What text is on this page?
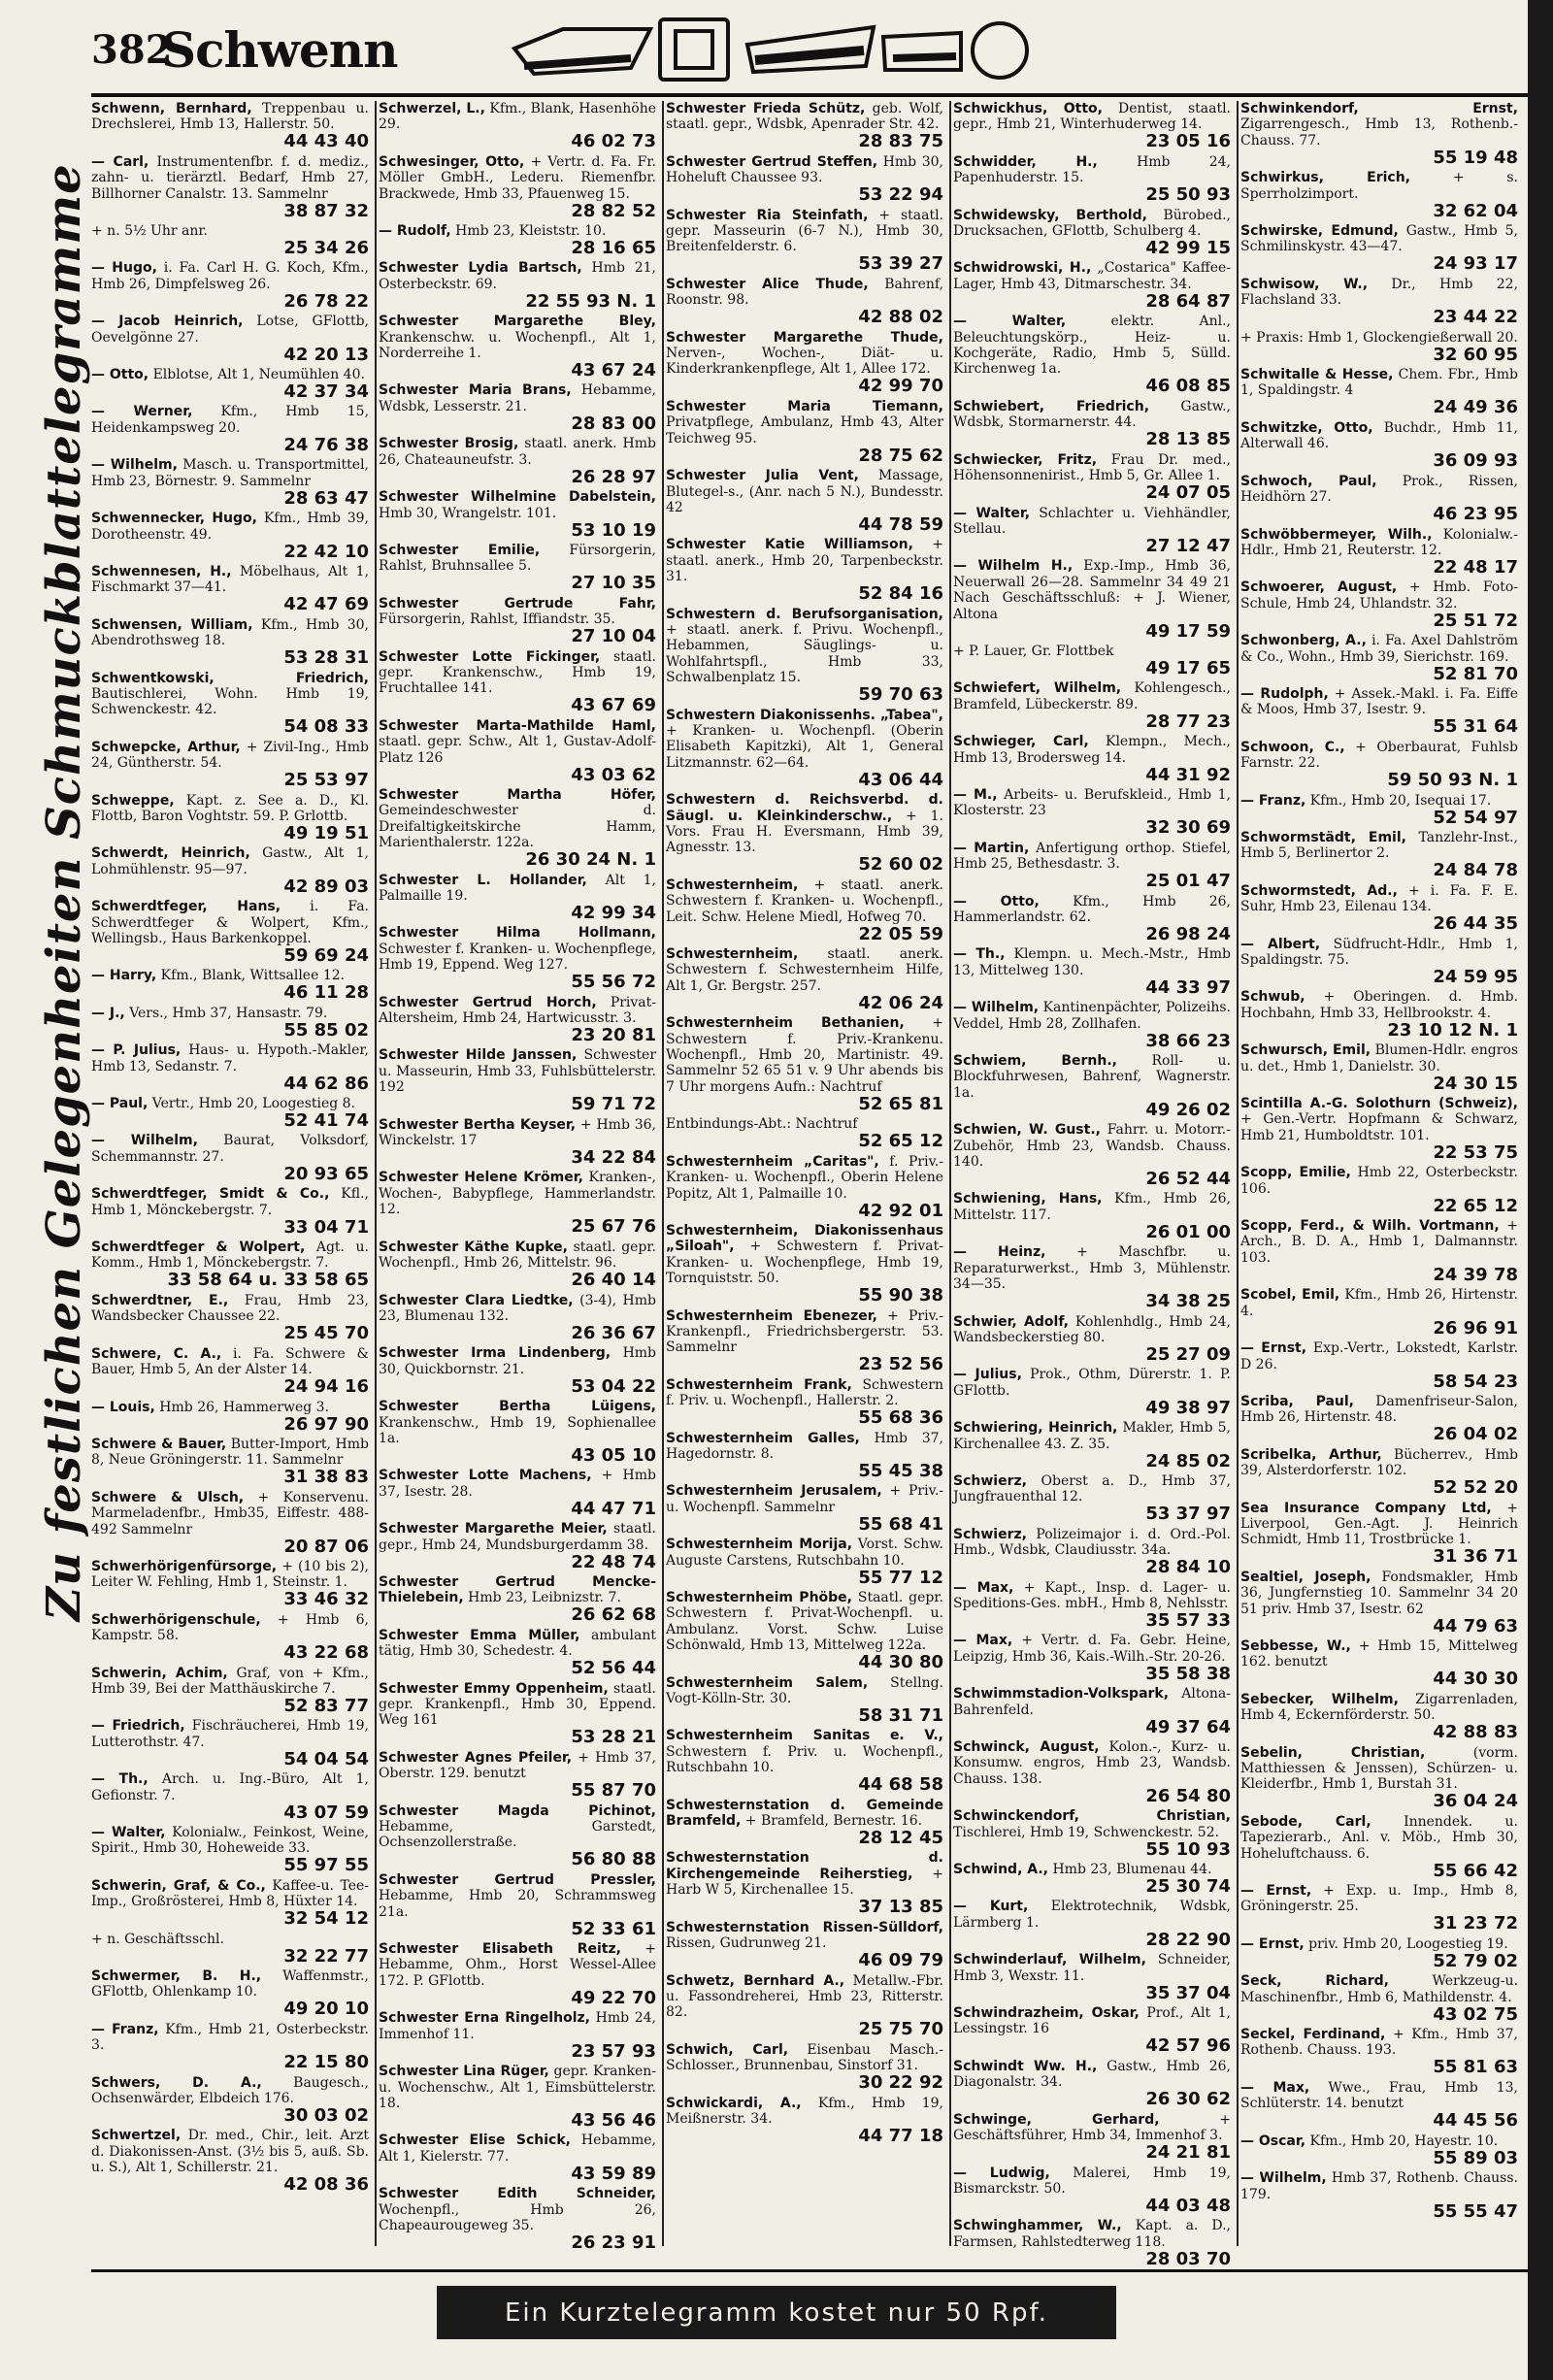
382
Schwenn
Zu festlichen Gelegenheiten Schmuckblattelegramme
Schwenn, Bernhard, Treppenbau u. Drechslerei, Hmb 13, Hallerstr. 50.
44 43 40
— Carl, Instrumentenfbr. f. d. mediz., zahn- u. tierärztl. Bedarf, Hmb 27, Billhorner Canalstr. 13. Sammelnr
38 87 32
+ n. 5½ Uhr anr.
25 34 26
— Hugo, i. Fa. Carl H. G. Koch, Kfm., Hmb 26, Dimpfelsweg 26.
26 78 22
— Jacob Heinrich, Lotse, GFlottb, Oevelgönne 27.
42 20 13
— Otto, Elblotse, Alt 1, Neumühlen 40.
42 37 34
— Werner, Kfm., Hmb 15, Heidenkampsweg 20.
24 76 38
— Wilhelm, Masch. u. Transportmittel, Hmb 23, Börnestr. 9. Sammelnr
28 63 47
Schwennecker, Hugo, Kfm., Hmb 39, Dorotheenstr. 49.
22 42 10
Schwennesen, H., Möbelhaus, Alt 1, Fischmarkt 37—41.
42 47 69
Schwensen, William, Kfm., Hmb 30, Abendrothsweg 18.
53 28 31
Schwentkowski, Friedrich, Bautischlerei, Wohn. Hmb 19, Schwenckestr. 42.
54 08 33
Schwepcke, Arthur, + Zivil-Ing., Hmb 24, Güntherstr. 54.
25 53 97
Schweppe, Kapt. z. See a. D., Kl. Flottb, Baron Voghtstr. 59. P. Grlottb.
49 19 51
Schwerdt, Heinrich, Gastw., Alt 1, Lohmühlenstr. 95—97.
42 89 03
Schwerdtfeger, Hans, i. Fa. Schwerdtfeger & Wolpert, Kfm., Wellingsb., Haus Barkenkoppel.
59 69 24
— Harry, Kfm., Blank, Wittsallee 12.
46 11 28
— J., Vers., Hmb 37, Hansastr. 79.
55 85 02
— P. Julius, Haus- u. Hypoth.-Makler, Hmb 13, Sedanstr. 7.
44 62 86
— Paul, Vertr., Hmb 20, Loogestieg 8.
52 41 74
— Wilhelm, Baurat, Volksdorf, Schemmannstr. 27.
20 93 65
Schwerdtfeger, Smidt & Co., Kfl., Hmb 1, Mönckebergstr. 7.
33 04 71
Schwerdtfeger & Wolpert, Agt. u. Komm., Hmb 1, Mönckebergstr. 7.
33 58 64 u. 33 58 65
Schwerdtner, E., Frau, Hmb 23, Wandsbecker Chaussee 22.
25 45 70
Schwere, C. A., i. Fa. Schwere & Bauer, Hmb 5, An der Alster 14.
24 94 16
— Louis, Hmb 26, Hammerweg 3.
26 97 90
Schwere & Bauer, Butter-Import, Hmb 8, Neue Gröningerstr. 11. Sammelnr
31 38 83
Schwere & Ulsch, + Konservenu. Marmeladenfbr., Hmb35, Eiffestr. 488-492 Sammelnr
20 87 06
Schwerhörigenfürsorge, + (10 bis 2), Leiter W. Fehling, Hmb 1, Steinstr. 1.
33 46 32
Schwerhörigenschule, + Hmb 6, Kampstr. 58.
43 22 68
Schwerin, Achim, Graf, von + Kfm., Hmb 39, Bei der Matthäuskirche 7.
52 83 77
— Friedrich, Fischräucherei, Hmb 19, Lutterothstr. 47.
54 04 54
— Th., Arch. u. Ing.-Büro, Alt 1, Gefionstr. 7.
43 07 59
— Walter, Kolonialw., Feinkost, Weine, Spirit., Hmb 30, Hoheweide 33.
55 97 55
Schwerin, Graf, & Co., Kaffee-u. Tee-Imp., Großrösterei, Hmb 8, Hüxter 14.
32 54 12
+ n. Geschäftsschl.
32 22 77
Schwermer, B. H., Waffenmstr., GFlottb, Ohlenkamp 10.
49 20 10
— Franz, Kfm., Hmb 21, Osterbeckstr. 3.
22 15 80
Schwers, D. A., Baugesch., Ochsenwärder, Elbdeich 176.
30 03 02
Schwertzel, Dr. med., Chir., leit. Arzt d. Diakonissen-Anst. (3½ bis 5, auß. Sb. u. S.), Alt 1, Schillerstr. 21.
42 08 36
Schwerzel, L., Kfm., Blank, Hasenhöhe 29.
46 02 73
Schwesinger, Otto, + Vertr. d. Fa. Fr. Möller GmbH., Lederu. Riemenfbr. Brackwede, Hmb 33, Pfauenweg 15.
28 82 52
— Rudolf, Hmb 23, Kleiststr. 10.
28 16 65
Schwester Lydia Bartsch, Hmb 21, Osterbeckstr. 69.
22 55 93 N. 1
Schwester Margarethe Bley, Krankenschw. u. Wochenpfl., Alt 1, Norderreihe 1.
43 67 24
Schwester Maria Brans, Hebamme, Wdsbk, Lesserstr. 21.
28 83 00
Schwester Brosig, staatl. anerk. Hmb 26, Chateauneufstr. 3.
26 28 97
Schwester Wilhelmine Dabelstein, Hmb 30, Wrangelstr. 101.
53 10 19
Schwester Emilie, Fürsorgerin, Rahlst, Bruhnsallee 5.
27 10 35
Schwester Gertrude Fahr, Fürsorgerin, Rahlst, Iffiandstr. 35.
27 10 04
Schwester Lotte Fickinger, staatl. gepr. Krankenschw., Hmb 19, Fruchtallee 141.
43 67 69
Schwester Marta-Mathilde Haml, staatl. gepr. Schw., Alt 1, Gustav-Adolf-Platz 126
43 03 62
Schwester Martha Höfer, Gemeindeschwester d. Dreifaltigkeitskirche Hamm, Marienthalerstr. 122a.
26 30 24 N. 1
Schwester L. Hollander, Alt 1, Palmaille 19.
42 99 34
Schwester Hilma Hollmann, Schwester f. Kranken- u. Wochenpflege, Hmb 19, Eppend. Weg 127.
55 56 72
Schwester Gertrud Horch, Privat-Altersheim, Hmb 24, Hartwicusstr. 3.
23 20 81
Schwester Hilde Janssen, Schwester u. Masseurin, Hmb 33, Fuhlsbüttelerstr. 192
59 71 72
Schwester Bertha Keyser, + Hmb 36, Winckelstr. 17
34 22 84
Schwester Helene Krömer, Kranken-, Wochen-, Babypflege, Hammerlandstr. 12.
25 67 76
Schwester Käthe Kupke, staatl. gepr. Wochenpfl., Hmb 26, Mittelstr. 96.
26 40 14
Schwester Clara Liedtke, (3-4), Hmb 23, Blumenau 132.
26 36 67
Schwester Irma Lindenberg, Hmb 30, Quickbornstr. 21.
53 04 22
Schwester Bertha Lüigens, Krankenschw., Hmb 19, Sophienallee 1a.
43 05 10
Schwester Lotte Machens, + Hmb 37, Isestr. 28.
44 47 71
Schwester Margarethe Meier, staatl. gepr., Hmb 24, Mundsburgerdamm 38.
22 48 74
Schwester Gertrud Mencke-Thielebein, Hmb 23, Leibnizstr. 7.
26 62 68
Schwester Emma Müller, ambulant tätig, Hmb 30, Schedestr. 4.
52 56 44
Schwester Emmy Oppenheim, staatl. gepr. Krankenpfl., Hmb 30, Eppend. Weg 161
53 28 21
Schwester Agnes Pfeiler, + Hmb 37, Oberstr. 129. benutzt
55 87 70
Schwester Magda Pichinot, Hebamme, Garstedt, Ochsenzollerstraße.
56 80 88
Schwester Gertrud Pressler, Hebamme, Hmb 20, Schrammsweg 21a.
52 33 61
Schwester Elisabeth Reitz, + Hebamme, Ohm., Horst Wessel-Allee 172. P. GFlottb.
49 22 70
Schwester Erna Ringelholz, Hmb 24, Immenhof 11.
23 57 93
Schwester Lina Rüger, gepr. Kranken- u. Wochenschw., Alt 1, Eimsbüttelerstr. 18.
43 56 46
Schwester Elise Schick, Hebamme, Alt 1, Kielerstr. 77.
43 59 89
Schwester Edith Schneider, Wochenpfl., Hmb 26, Chapeaurougeweg 35.
26 23 91
Schwester Frieda Schütz, geb. Wolf, staatl. gepr., Wdsbk, Apenrader Str. 42.
28 83 75
Schwester Gertrud Steffen, Hmb 30, Hoheluft Chaussee 93.
53 22 94
Schwester Ria Steinfath, + staatl. gepr. Masseurin (6-7 N.), Hmb 30, Breitenfelderstr. 6.
53 39 27
Schwester Alice Thude, Bahrenf, Roonstr. 98.
42 88 02
Schwester Margarethe Thude, Nerven-, Wochen-, Diät- u. Kinderkrankenpflege, Alt 1, Allee 172.
42 99 70
Schwester Maria Tiemann, Privatpflege, Ambulanz, Hmb 43, Alter Teichweg 95.
28 75 62
Schwester Julia Vent, Massage, Blutegel-s., (Anr. nach 5 N.), Bundesstr. 42
44 78 59
Schwester Katie Williamson, + staatl. anerk., Hmb 20, Tarpenbeckstr. 31.
52 84 16
Schwestern d. Berufsorganisation, + staatl. anerk. f. Privu. Wochenpfl., Hebammen, Säuglings- u. Wohlfahrtspfl., Hmb 33, Schwalbenplatz 15.
59 70 63
Schwestern Diakonissenhs. „Tabea", + Kranken- u. Wochenpfl. (Oberin Elisabeth Kapitzki), Alt 1, General Litzmannstr. 62—64.
43 06 44
Schwestern d. Reichsverbd. d. Säugl. u. Kleinkinderschw., + 1. Vors. Frau H. Eversmann, Hmb 39, Agnesstr. 13.
52 60 02
Schwesternheim, + staatl. anerk. Schwestern f. Kranken- u. Wochenpfl., Leit. Schw. Helene Miedl, Hofweg 70.
22 05 59
Schwesternheim, staatl. anerk. Schwestern f. Schwesternheim Hilfe, Alt 1, Gr. Bergstr. 257.
42 06 24
Schwesternheim Bethanien, + Schwestern f. Priv.-Krankenu. Wochenpfl., Hmb 20, Martinistr. 49. Sammelnr 52 65 51 v. 9 Uhr abends bis 7 Uhr morgens Aufn.: Nachtruf
52 65 81
Entbindungs-Abt.: Nachtruf
52 65 12
Schwesternheim „Caritas", f. Priv.-Kranken- u. Wochenpfl., Oberin Helene Popitz, Alt 1, Palmaille 10.
42 92 01
Schwesternheim, Diakonissenhaus „Siloah", + Schwestern f. Privat- Kranken- u. Wochenpflege, Hmb 19, Tornquiststr. 50.
55 90 38
Schwesternheim Ebenezer, + Priv.-Krankenpfl., Friedrichsbergerstr. 53. Sammelnr
23 52 56
Schwesternheim Frank, Schwestern f. Priv. u. Wochenpfl., Hallerstr. 2.
55 68 36
Schwesternheim Galles, Hmb 37, Hagedornstr. 8.
55 45 38
Schwesternheim Jerusalem, + Priv.- u. Wochenpfl. Sammelnr
55 68 41
Schwesternheim Morija, Vorst. Schw. Auguste Carstens, Rutschbahn 10.
55 77 12
Schwesternheim Phöbe, Staatl. gepr. Schwestern f. Privat-Wochenpfl. u. Ambulanz. Vorst. Schw. Luise Schönwald, Hmb 13, Mittelweg 122a.
44 30 80
Schwesternheim Salem, Stellng. Vogt-Kölln-Str. 30.
58 31 71
Schwesternheim Sanitas e. V., Schwestern f. Priv. u. Wochenpfl., Rutschbahn 10.
44 68 58
Schwesternstation d. Gemeinde Bramfeld, + Bramfeld, Bernestr. 16.
28 12 45
Schwesternstation d. Kirchengemeinde Reiherstieg, + Harb W 5, Kirchenallee 15.
37 13 85
Schwesternstation Rissen-Sülldorf, Rissen, Gudrunweg 21.
46 09 79
Schwetz, Bernhard A., Metallw.-Fbr. u. Fassondreherei, Hmb 23, Ritterstr. 82.
25 75 70
Schwich, Carl, Eisenbau Masch.-Schlosser., Brunnenbau, Sinstorf 31.
30 22 92
Schwickardi, A., Kfm., Hmb 19, Meißnerstr. 34.
44 77 18
Schwickhus, Otto, Dentist, staatl. gepr., Hmb 21, Winterhuderweg 14.
23 05 16
Schwidder, H.,	Hmb 24, Papenhuderstr. 15.
25 50 93
Schwidewsky, Berthold, Bürobed., Drucksachen, GFlottb, Schulberg 4.
42 99 15
Schwidrowski, H., „Costarica" Kaffee-Lager, Hmb 43, Ditmarschestr. 34.
28 64 87
— Walter,	elektr. Anl., Beleuchtungskörp., Heiz- u. Kochgeräte, Radio, Hmb 5, Sülld. Kirchenweg 1a.
46 08 85
Schwiebert, Friedrich, Gastw., Wdsbk, Stormarnerstr. 44.
28 13 85
Schwiecker, Fritz, Frau Dr. med., Höhensonnenirist., Hmb 5, Gr. Allee 1.
24 07 05
— Walter, Schlachter u. Viehhändler, Stellau.
27 12 47
— Wilhelm H., Exp.-Imp., Hmb 36, Neuerwall 26—28. Sammelnr 34 49 21 Nach Geschäftsschluß: + J. Wiener, Altona
49 17 59
+ P. Lauer, Gr. Flottbek
49 17 65
Schwiefert, Wilhelm, Kohlengesch., Bramfeld, Lübeckerstr. 89.
28 77 23
Schwieger, Carl, Klempn., Mech., Hmb 13, Brodersweg 14.
44 31 92
— M., Arbeits- u. Berufskleid., Hmb 1, Klosterstr. 23
32 30 69
— Martin, Anfertigung orthop. Stiefel, Hmb 25, Bethesdastr. 3.
25 01 47
— Otto, Kfm., Hmb 26, Hammerlandstr. 62.
26 98 24
— Th., Klempn. u. Mech.-Mstr., Hmb 13, Mittelweg 130.
44 33 97
— Wilhelm, Kantinenpächter, Polizeihs. Veddel, Hmb 28, Zollhafen.
38 66 23
Schwiem, Bernh.,	Roll- u. Blockfuhrwesen, Bahrenf, Wagnerstr. 1a.
49 26 02
Schwien, W. Gust., Fahrr. u. Motorr.-Zubehör, Hmb 23, Wandsb. Chauss. 140.
26 52 44
Schwiening, Hans, Kfm., Hmb 26, Mittelstr. 117.
26 01 00
— Heinz, + Maschfbr. u. Reparaturwerkst., Hmb 3, Mühlenstr. 34—35.
34 38 25
Schwier, Adolf, Kohlenhdlg., Hmb 24, Wandsbeckerstieg 80.
25 27 09
— Julius, Prok., Othm, Dürerstr. 1. P. GFlottb.
49 38 97
Schwiering, Heinrich, Makler, Hmb 5, Kirchenallee 43. Z. 35.
24 85 02
Schwierz, Oberst a. D., Hmb 37, Jungfrauenthal 12.
53 37 97
Schwierz, Polizeimajor i. d. Ord.-Pol. Hmb., Wdsbk, Claudiusstr. 34a.
28 84 10
— Max, + Kapt., Insp. d. Lager- u. Speditions-Ges. mbH., Hmb 8, Nehlsstr.
35 57 33
— Max, + Vertr. d. Fa. Gebr. Heine, Leipzig, Hmb 36, Kais.-Wilh.-Str. 20-26.
35 58 38
Schwimmstadion-Volkspark, Altona-Bahrenfeld.
49 37 64
Schwinck, August, Kolon.-, Kurz- u. Konsumw. engros, Hmb 23, Wandsb. Chauss. 138.
26 54 80
Schwinckendorf, Christian, Tischlerei, Hmb 19, Schwenckestr. 52.
55 10 93
Schwind, A., Hmb 23, Blumenau 44.
25 30 74
— Kurt, Elektrotechnik, Wdsbk, Lärmberg 1.
28 22 90
Schwinderlauf, Wilhelm, Schneider, Hmb 3, Wexstr. 11.
35 37 04
Schwindrazheim, Oskar, Prof., Alt 1, Lessingstr. 16
42 57 96
Schwindt Ww. H., Gastw., Hmb 26, Diagonalstr. 34.
26 30 62
Schwinge, Gerhard,	+ Geschäftsführer, Hmb 34, Immenhof 3.
24 21 81
— Ludwig, Malerei, Hmb 19, Bismarckstr. 50.
44 03 48
Schwinghammer, W., Kapt. a. D., Farmsen, Rahlstedterweg 118.
28 03 70
Schwinkendorf, Ernst, Zigarrengesch., Hmb 13, Rothenb.-Chauss. 77.
55 19 48
Schwirkus, Erich,	+ s. Sperrholzimport.
32 62 04
Schwirske, Edmund, Gastw., Hmb 5, Schmilinskystr. 43—47.
24 93 17
Schwisow, W., Dr., Hmb 22, Flachsland 33.
23 44 22
+ Praxis: Hmb 1, Glockengießerwall 20.
32 60 95
Schwitalle & Hesse, Chem. Fbr., Hmb 1, Spaldingstr. 4
24 49 36
Schwitzke, Otto, Buchdr., Hmb 11, Alterwall 46.
36 09 93
Schwoch, Paul, Prok., Rissen, Heidhörn 27.
46 23 95
Schwöbbermeyer, Wilh., Kolonialw.-Hdlr., Hmb 21, Reuterstr. 12.
22 48 17
Schwoerer, August, + Hmb. Foto-Schule, Hmb 24, Uhlandstr. 32.
25 51 72
Schwonberg, A., i. Fa. Axel Dahlström & Co., Wohn., Hmb 39, Sierichstr. 169.
52 81 70
— Rudolph, + Assek.-Makl. i. Fa. Eiffe & Moos, Hmb 37, Isestr. 9.
55 31 64
Schwoon, C., + Oberbaurat, Fuhlsb Farnstr. 22.
59 50 93 N. 1
— Franz, Kfm., Hmb 20, Isequai 17.
52 54 97
Schwormstädt, Emil, Tanzlehr-Inst., Hmb 5, Berlinertor 2.
24 84 78
Schwormstedt, Ad., + i. Fa. F. E. Suhr, Hmb 23, Eilenau 134.
26 44 35
— Albert, Südfrucht-Hdlr., Hmb 1, Spaldingstr. 75.
24 59 95
Schwub, + Oberingen. d. Hmb. Hochbahn, Hmb 33, Hellbrookstr. 4.
23 10 12 N. 1
Schwursch, Emil, Blumen-Hdlr. engros u. det., Hmb 1, Danielstr. 30.
24 30 15
Scintilla A.-G. Solothurn (Schweiz), + Gen.-Vertr. Hopfmann & Schwarz, Hmb 21, Humboldtstr. 101.
22 53 75
Scopp, Emilie, Hmb 22, Osterbeckstr. 106.
22 65 12
Scopp, Ferd., & Wilh. Vortmann, + Arch., B. D. A., Hmb 1, Dalmannstr. 103.
24 39 78
Scobel, Emil, Kfm., Hmb 26, Hirtenstr. 4.
26 96 91
— Ernst, Exp.-Vertr., Lokstedt, Karlstr. D 26.
58 54 23
Scriba, Paul, Damenfriseur-Salon, Hmb 26, Hirtenstr. 48.
26 04 02
Scribelka, Arthur, Bücherrev., Hmb 39, Alsterdorferstr. 102.
52 52 20
Sea Insurance Company Ltd, + Liverpool, Gen.-Agt. J. Heinrich Schmidt, Hmb 11, Trostbrücke 1.
31 36 71
Sealtiel, Joseph, Fondsmakler, Hmb 36, Jungfernstieg 10. Sammelnr 34 20 51 priv. Hmb 37, Isestr. 62
44 79 63
Sebbesse, W., + Hmb 15, Mittelweg 162. benutzt
44 30 30
Sebecker, Wilhelm, Zigarrenladen, Hmb 4, Eckernförderstr. 50.
42 88 83
Sebelin, Christian,	(vorm. Matthiessen & Jenssen), Schürzen- u. Kleiderfbr., Hmb 1, Burstah 31.
36 04 24
Sebode, Carl, Innendek. u. Tapezierarb., Anl. v. Möb., Hmb 30, Hoheluftchauss. 6.
55 66 42
— Ernst, + Exp. u. Imp., Hmb 8, Gröningerstr. 25.
31 23 72
— Ernst, priv. Hmb 20, Loogestieg 19.
52 79 02
Seck, Richard,	Werkzeug-u. Maschinenfbr., Hmb 6, Mathildenstr. 4.
43 02 75
Seckel, Ferdinand, + Kfm., Hmb 37, Rothenb. Chauss. 193.
55 81 63
— Max, Wwe., Frau, Hmb 13, Schlüterstr. 14. benutzt
44 45 56
— Oscar, Kfm., Hmb 20, Hayestr. 10.
55 89 03
— Wilhelm, Hmb 37, Rothenb. Chauss. 179.
55 55 47
Ein Kurztelegramm kostet nur 50 Rpf.
